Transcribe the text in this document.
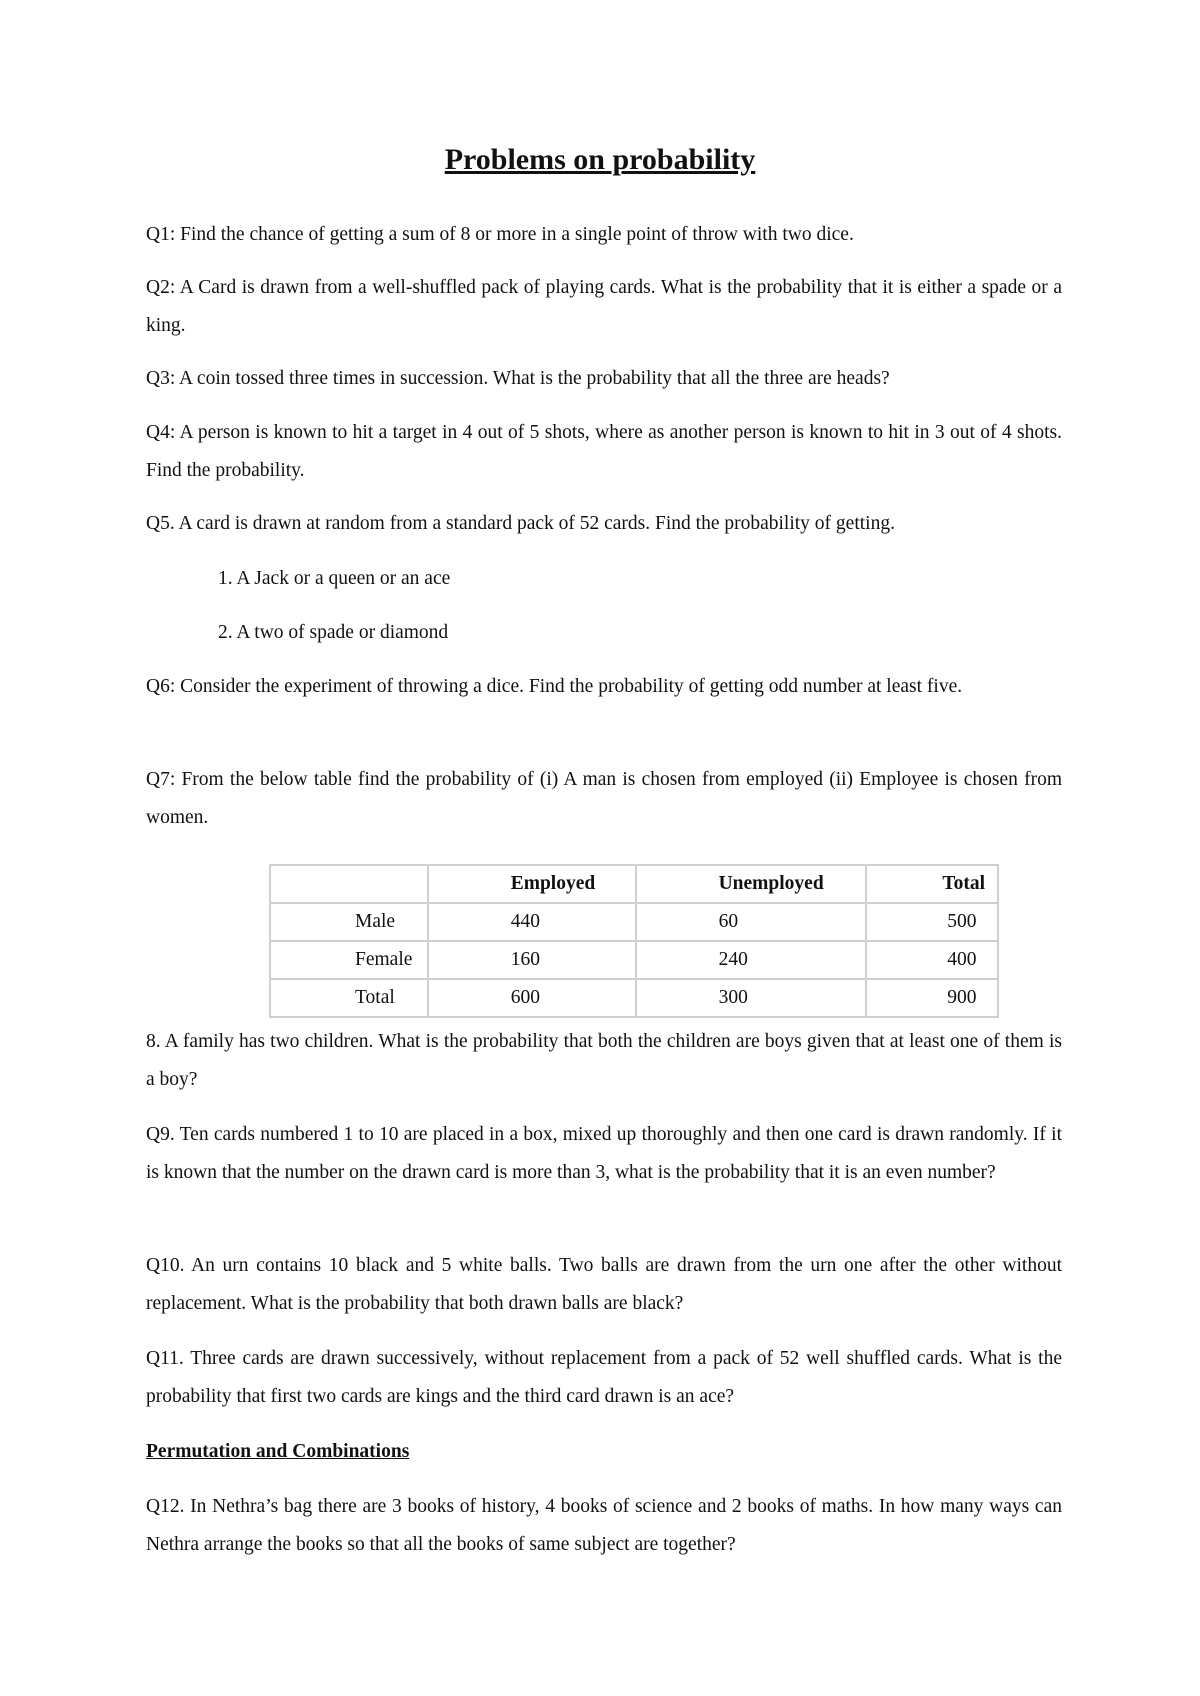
Problems on probability

Q1: Find the chance of getting a sum of 8 or more in a single point of throw with two dice.

Q2: A Card is drawn from a well-shuffled pack of playing cards. What is the probability that it is either a spade or a king.

Q3: A coin tossed three times in succession. What is the probability that all the three are heads?

Q4: A person is known to hit a target in 4 out of 5 shots, where as another person is known to hit in 3 out of 4 shots. Find the probability.

Q5. A card is drawn at random from a standard pack of 52 cards. Find the probability of getting.

1. A Jack or a queen or an ace

2. A two of spade or diamond

Q6: Consider the experiment of throwing a dice. Find the probability of getting odd number at least five.

Q7: From the below table find the probability of (i) A man is chosen from employed (ii) Employee is chosen from women.

	Employed	Unemployed	Total
Male	440	60	500
Female	160	240	400
Total	600	300	900

8. A family has two children. What is the probability that both the children are boys given that at least one of them is a boy?

Q9. Ten cards numbered 1 to 10 are placed in a box, mixed up thoroughly and then one card is drawn randomly. If it is known that the number on the drawn card is more than 3, what is the probability that it is an even number?

Q10. An urn contains 10 black and 5 white balls. Two balls are drawn from the urn one after the other without replacement. What is the probability that both drawn balls are black?

Q11. Three cards are drawn successively, without replacement from a pack of 52 well shuffled cards. What is the probability that first two cards are kings and the third card drawn is an ace?

Permutation and Combinations

Q12. In Nethra’s bag there are 3 books of history, 4 books of science and 2 books of maths. In how many ways can Nethra arrange the books so that all the books of same subject are together?
